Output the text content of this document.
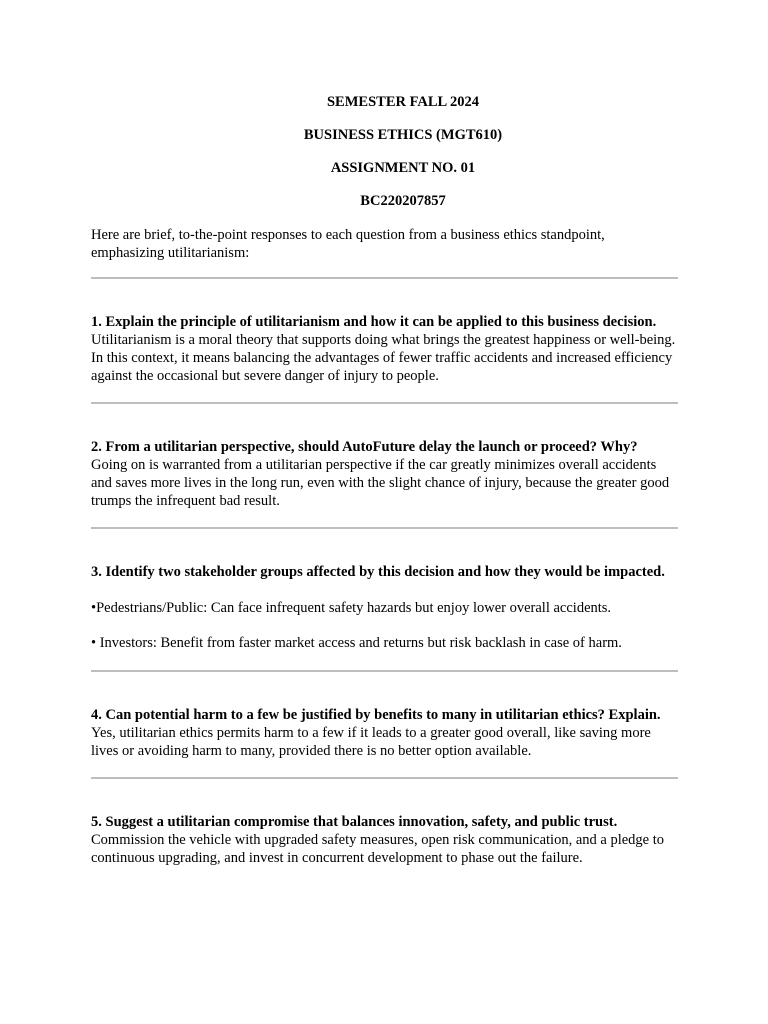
SEMESTER FALL 2024

BUSINESS ETHICS (MGT610)

ASSIGNMENT NO. 01

BC220207857

Here are brief, to-the-point responses to each question from a business ethics standpoint, emphasizing utilitarianism:

1. Explain the principle of utilitarianism and how it can be applied to this business decision.

Utilitarianism is a moral theory that supports doing what brings the greatest happiness or well-being. In this context, it means balancing the advantages of fewer traffic accidents and increased efficiency against the occasional but severe danger of injury to people.

2. From a utilitarian perspective, should AutoFuture delay the launch or proceed? Why?

Going on is warranted from a utilitarian perspective if the car greatly minimizes overall accidents and saves more lives in the long run, even with the slight chance of injury, because the greater good trumps the infrequent bad result.

3. Identify two stakeholder groups affected by this decision and how they would be impacted.

•Pedestrians/Public: Can face infrequent safety hazards but enjoy lower overall accidents.

• Investors: Benefit from faster market access and returns but risk backlash in case of harm.

4. Can potential harm to a few be justified by benefits to many in utilitarian ethics? Explain.

Yes, utilitarian ethics permits harm to a few if it leads to a greater good overall, like saving more lives or avoiding harm to many, provided there is no better option available.

5. Suggest a utilitarian compromise that balances innovation, safety, and public trust.

Commission the vehicle with upgraded safety measures, open risk communication, and a pledge to continuous upgrading, and invest in concurrent development to phase out the failure.
